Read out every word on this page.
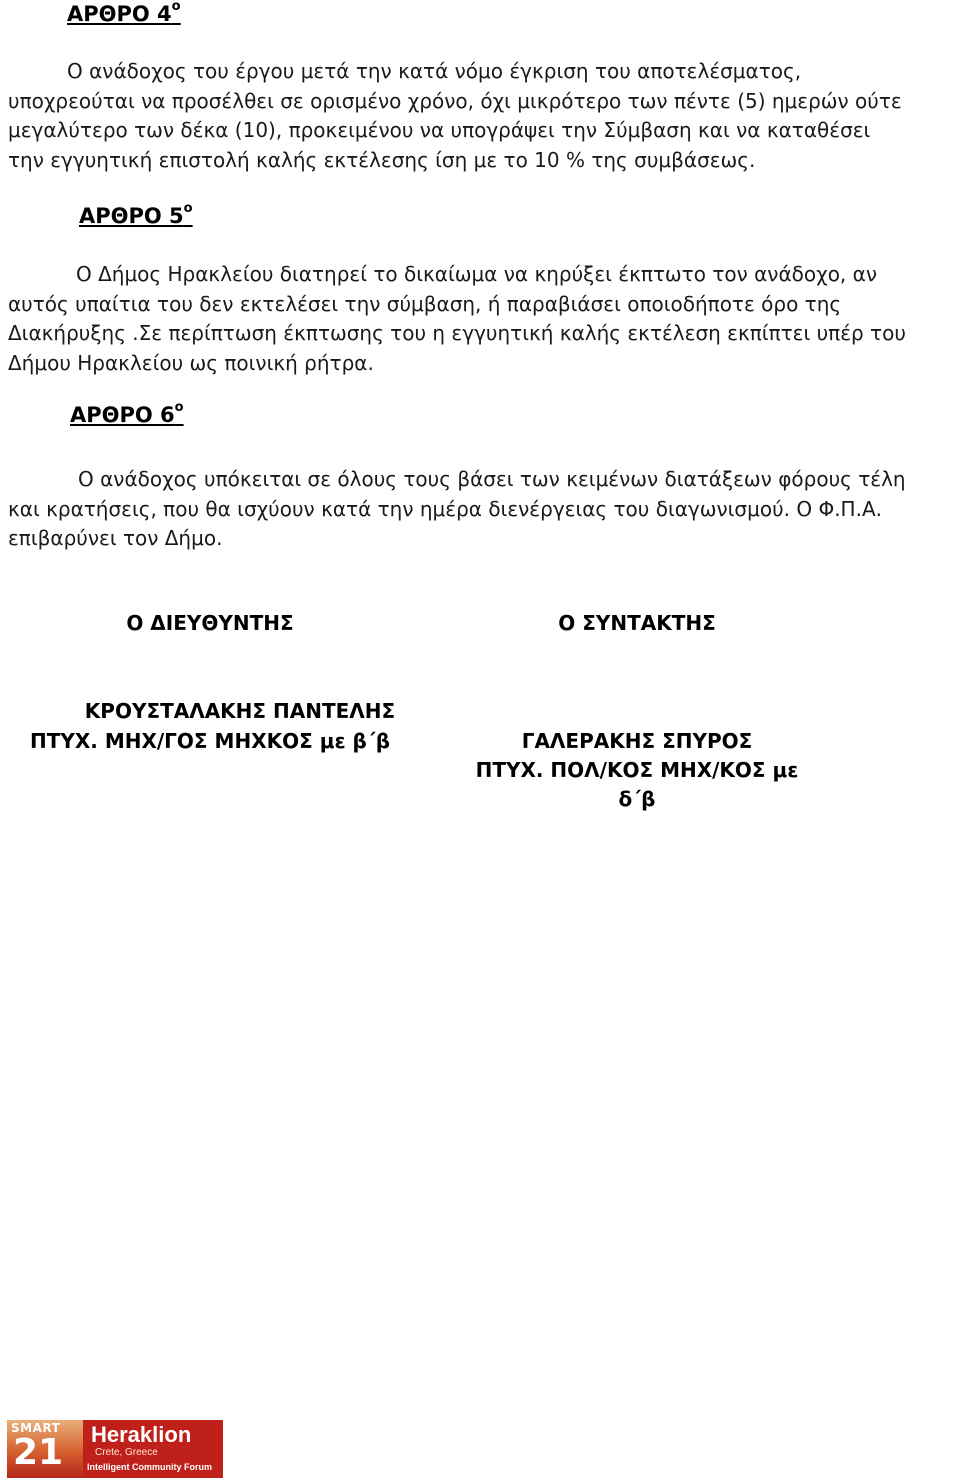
ΑΡΘΡΟ $4^o$
Ο ανάδοχος του έργου μετά την κατά νόμο έγκριση του αποτελέσματος,
υποχρεούται να προσέλθει σε ορισμένο χρόνο, όχι μικρότερο των πέντε (5) ημερών ούτε
μεγαλύτερο των δέκα (10), προκειμένου να υπογράψει την Σύμβαση και να καταθέσει
την εγγυητική επιστολή καλής εκτέλεσης ίση με το 10 % της συμβάσεως.
ΑΡΘΡΟ $5^o$
Ο Δήμος Ηρακλείου διατηρεί το δικαίωμα να κηρύξει έκπτωτο τον ανάδοχο, αν
αυτός υπαίτια του δεν εκτελέσει την σύμβαση, ή παραβιάσει οποιοδήποτε όρο της
Διακήρυξης .Σε περίπτωση έκπτωσης του η εγγυητική καλής εκτέλεση εκπίπτει υπέρ του
Δήμου Ηρακλείου ως ποινική ρήτρα.
ΑΡΘΡΟ $6^o$
Ο ανάδοχος υπόκειται σε όλους τους βάσει των κειμένων διατάξεων φόρους τέλη
και κρατήσεις, που θα ισχύουν κατά την ημέρα διενέργειας του διαγωνισμού. Ο Φ.Π.Α.
επιβαρύνει τον Δήμο.
Ο ΔΙΕΥΘΥΝΤΗΣ
ΚΡΟΥΣΤΑΛΑΚΗΣ ΠΑΝΤΕΛΗΣ
ΠΤΥΧ. ΜΗΧ/ΓΟΣ ΜΗΧΚΟΣ με β΄β
Ο ΣΥΝΤΑΚΤΗΣ
ΓΑΛΕΡΑΚΗΣ ΣΠΥΡΟΣ
ΠΤΥΧ. ΠΟΛ/ΚΟΣ ΜΗΧ/ΚΟΣ με
δ΄β
SMART
21 Heraklion
Crete, Greece
Intelligent Community Forum
